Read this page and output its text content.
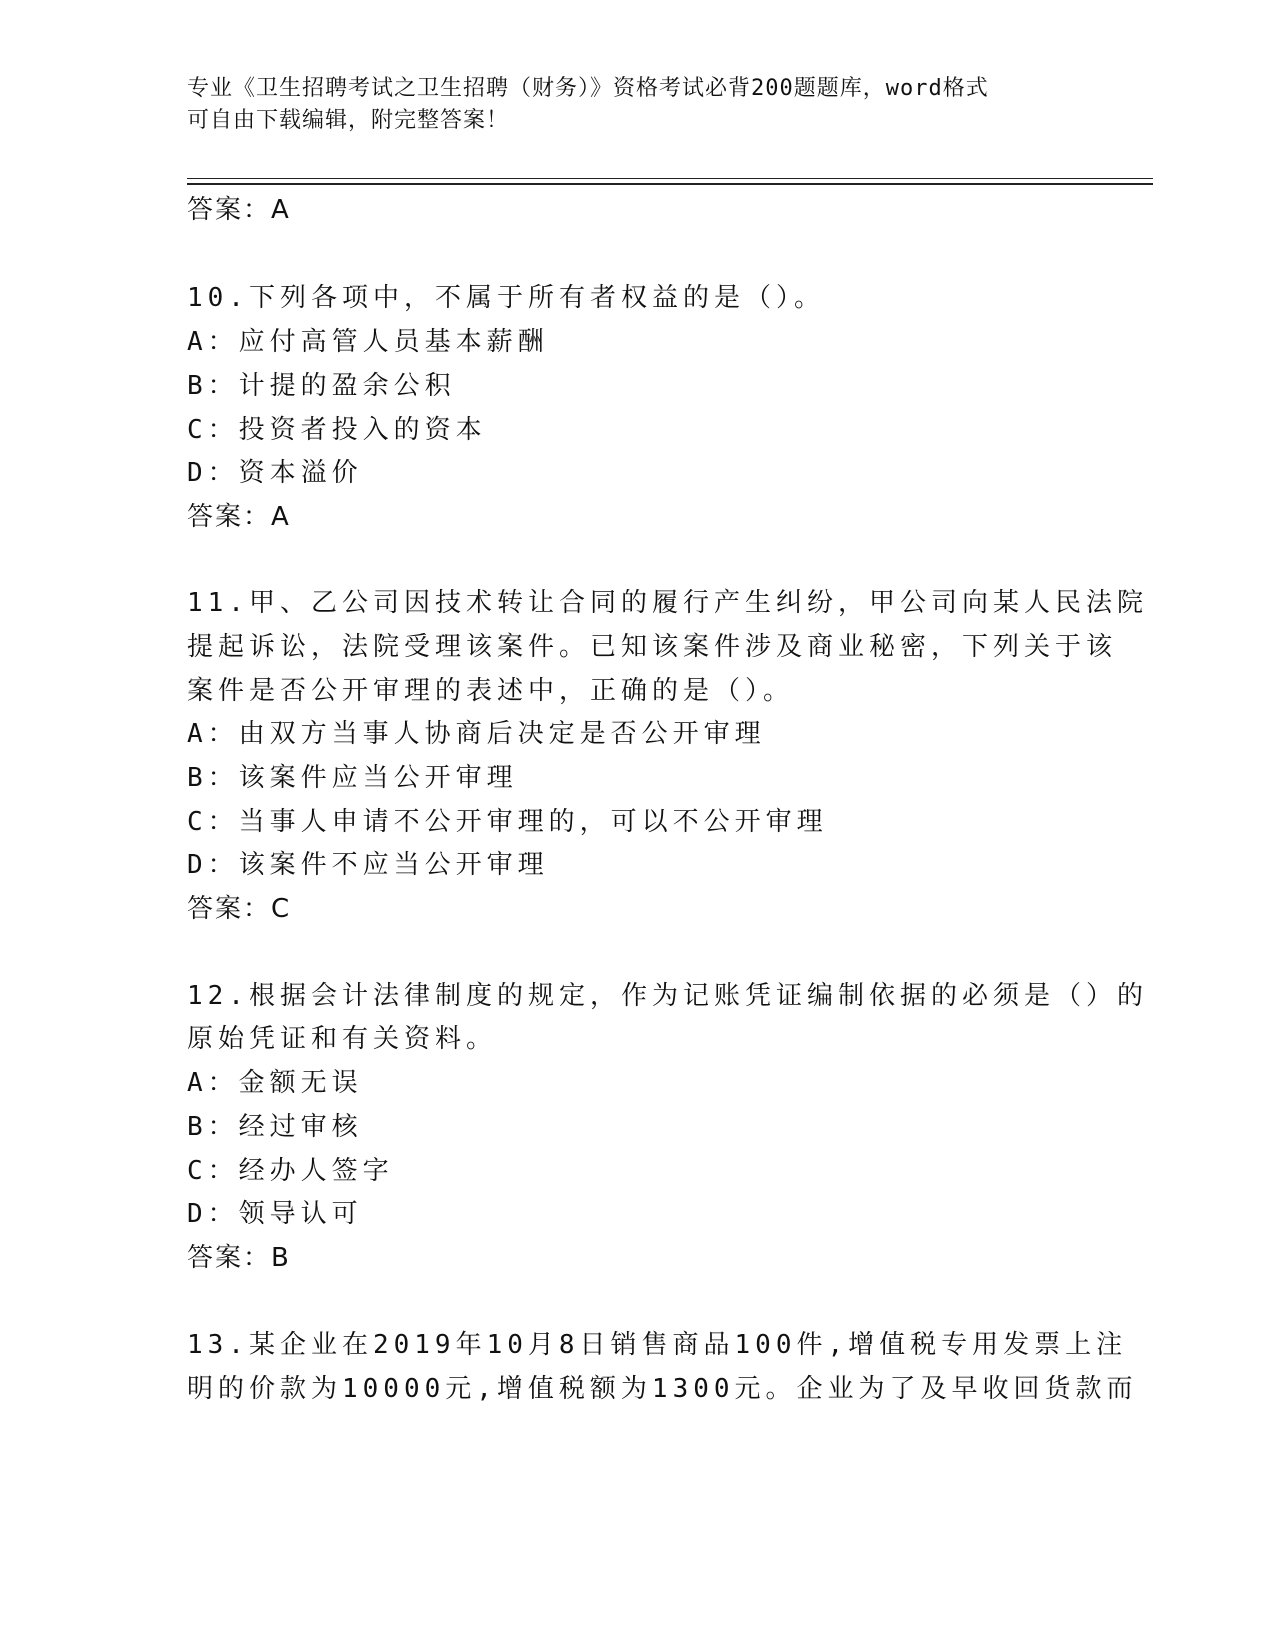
专业《卫生招聘考试之卫生招聘（财务）》资格考试必背200题题库，word格式
可自由下载编辑，附完整答案！
答案：A
10.下列各项中，不属于所有者权益的是（）。
A：应付高管人员基本薪酬
B：计提的盈余公积
C：投资者投入的资本
D：资本溢价
答案：A
11.甲、乙公司因技术转让合同的履行产生纠纷，甲公司向某人民法院
提起诉讼，法院受理该案件。已知该案件涉及商业秘密，下列关于该
案件是否公开审理的表述中，正确的是（）。
A：由双方当事人协商后决定是否公开审理
B：该案件应当公开审理
C：当事人申请不公开审理的，可以不公开审理
D：该案件不应当公开审理
答案：C
12.根据会计法律制度的规定，作为记账凭证编制依据的必须是（）的
原始凭证和有关资料。
A：金额无误
B：经过审核
C：经办人签字
D：领导认可
答案：B
13.某企业在2019年10月8日销售商品100件,增值税专用发票上注
明的价款为10000元,增值税额为1300元。企业为了及早收回货款而
